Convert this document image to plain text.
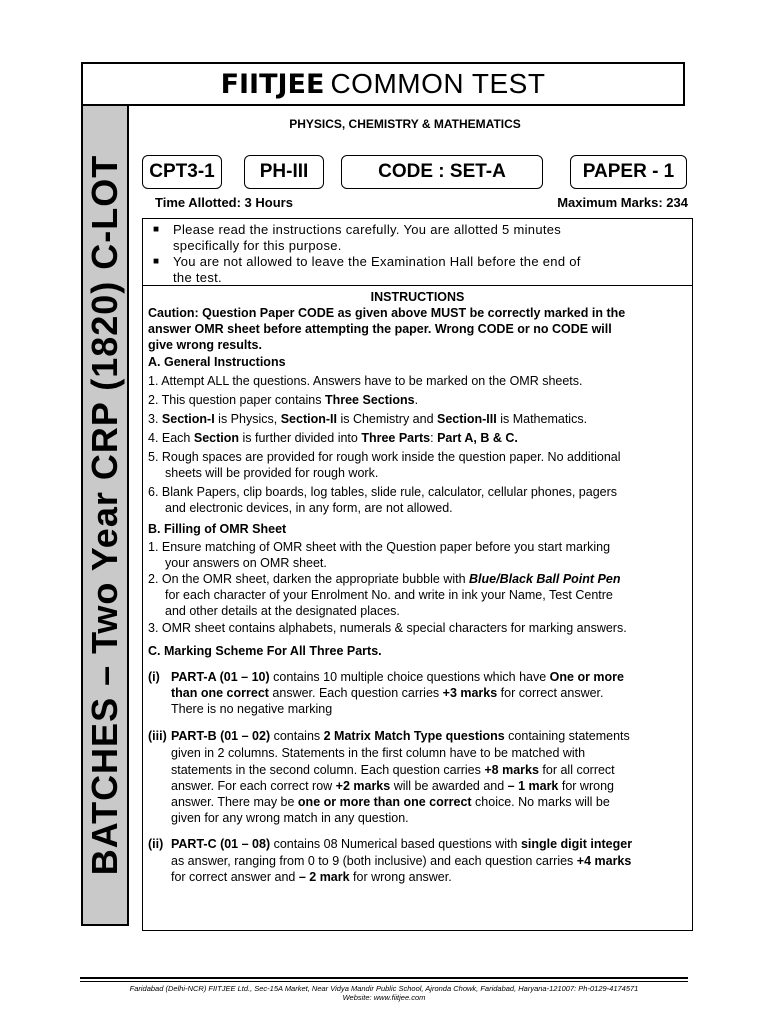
FIITJEE COMMON TEST
BATCHES – Two Year CRP (1820) C-LOT
PHYSICS, CHEMISTRY & MATHEMATICS
CPT3-1	PH-III	CODE : SET-A	PAPER - 1
Time Allotted: 3 Hours	Maximum Marks: 234
■ Please read the instructions carefully. You are allotted 5 minutes
specifically for this purpose.
■ You are not allowed to leave the Examination Hall before the end of
the test.
INSTRUCTIONS
Caution: Question Paper CODE as given above MUST be correctly marked in the
answer OMR sheet before attempting the paper. Wrong CODE or no CODE will
give wrong results.
A. General Instructions
1. Attempt ALL the questions. Answers have to be marked on the OMR sheets.
2. This question paper contains Three Sections.
3. Section-I is Physics, Section-II is Chemistry and Section-III is Mathematics.
4. Each Section is further divided into Three Parts: Part A, B & C.
5. Rough spaces are provided for rough work inside the question paper. No additional
sheets will be provided for rough work.
6. Blank Papers, clip boards, log tables, slide rule, calculator, cellular phones, pagers
and electronic devices, in any form, are not allowed.
B. Filling of OMR Sheet
1. Ensure matching of OMR sheet with the Question paper before you start marking
your answers on OMR sheet.
2. On the OMR sheet, darken the appropriate bubble with Blue/Black Ball Point Pen
for each character of your Enrolment No. and write in ink your Name, Test Centre
and other details at the designated places.
3. OMR sheet contains alphabets, numerals & special characters for marking answers.
C. Marking Scheme For All Three Parts.
(i) PART-A (01 – 10) contains 10 multiple choice questions which have One or more
than one correct answer. Each question carries +3 marks for correct answer.
There is no negative marking
(iii) PART-B (01 – 02) contains 2 Matrix Match Type questions containing statements
given in 2 columns. Statements in the first column have to be matched with
statements in the second column. Each question carries +8 marks for all correct
answer. For each correct row +2 marks will be awarded and – 1 mark for wrong
answer. There may be one or more than one correct choice. No marks will be
given for any wrong match in any question.
(ii) PART-C (01 – 08) contains 08 Numerical based questions with single digit integer
as answer, ranging from 0 to 9 (both inclusive) and each question carries +4 marks
for correct answer and – 2 mark for wrong answer.
Faridabad (Delhi-NCR) FIITJEE Ltd., Sec-15A Market, Near Vidya Mandir Public School, Ajronda Chowk, Faridabad, Haryana-121007: Ph-0129-4174571
Website: www.fiitjee.com
